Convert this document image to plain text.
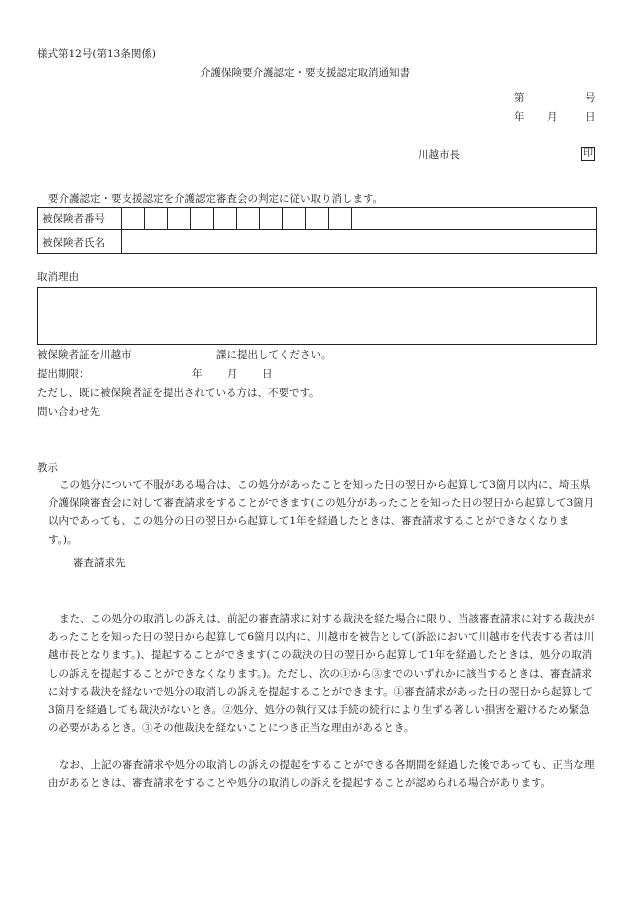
様式第12号(第13条関係)
介護保険要介護認定・要支援認定取消通知書
第	号
年 月	日
川越市長	印
要介護認定・要支援認定を介護認定審査会の判定に従い取り消します。
被保険者番号
被保険者氏名
取消理由
被保険者証を川越市	課に提出してください。
提出期限：	年 月 日
ただし、既に被保険者証を提出されている方は、不要です。
問い合わせ先
教示
この処分について不服がある場合は、この処分があったことを知った日の翌日から起算して3箇月以内に、埼玉県介護保険審査会に対して審査請求をすることができます(この処分があったことを知った日の翌日から起算して3箇月以内であっても、この処分の日の翌日から起算して1年を経過したときは、審査請求することができなくなります。)。
審査請求先
また、この処分の取消しの訴えは、前記の審査請求に対する裁決を経た場合に限り、当該審査請求に対する裁決があったことを知った日の翌日から起算して6箇月以内に、川越市を被告として(訴訟において川越市を代表する者は川越市長となります。)、提起することができます(この裁決の日の翌日から起算して1年を経過したときは、処分の取消しの訴えを提起することができなくなります。)。ただし、次の①から③までのいずれかに該当するときは、審査請求に対する裁決を経ないで処分の取消しの訴えを提起することができます。①審査請求があった日の翌日から起算して3箇月を経過しても裁決がないとき。②処分、処分の執行又は手続の続行により生ずる著しい損害を避けるため緊急の必要があるとき。③その他裁決を経ないことにつき正当な理由があるとき。
なお、上記の審査請求や処分の取消しの訴えの提起をすることができる各期間を経過した後であっても、正当な理由があるときは、審査請求をすることや処分の取消しの訴えを提起することが認められる場合があります。
